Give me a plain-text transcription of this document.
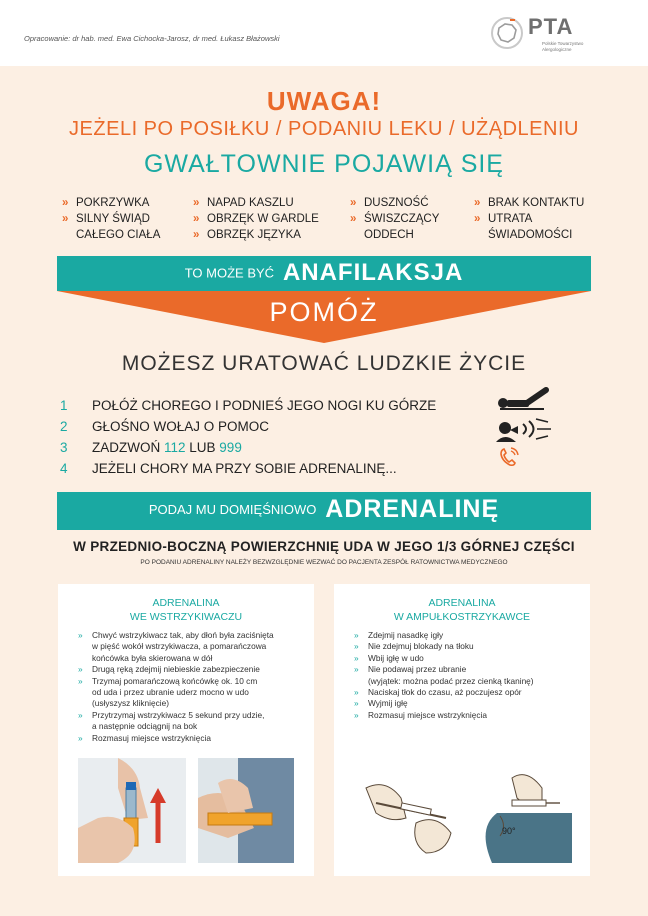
Opracowanie: dr hab. med. Ewa Cichocka-Jarosz, dr med. Łukasz Błażowski	PTA
Polskie Towarzystwo
Alergologiczne
UWAGA!
JEŻELI PO POSIŁKU / PODANIU LEKU / UŻĄDLENIU
GWAŁTOWNIE POJAWIĄ SIĘ
» POKRZYWKA
» SILNY ŚWIĄD
CAŁEGO CIAŁA
» NAPAD KASZLU
» OBRZĘK W GARDLE
» OBRZĘK JĘZYKA
» DUSZNOŚĆ
» ŚWISZCZĄCY
ODDECH
» BRAK KONTAKTU
» UTRATA
ŚWIADOMOŚCI
TO MOŻE BYĆ ANAFILAKSJA
POMÓŻ
MOŻESZ URATOWAĆ LUDZKIE ŻYCIE
1 POŁÓŻ CHOREGO I PODNIEŚ JEGO NOGI KU GÓRZE
2 GŁOŚNO WOŁAJ O POMOC
3 ZADZWOŃ 112 LUB 999
4 JEŻELI CHORY MA PRZY SOBIE ADRENALINĘ...
PODAJ MU DOMIĘŚNIOWO ADRENALINĘ
W PRZEDNIO-BOCZNĄ POWIERZCHNIĘ UDA W JEGO 1/3 GÓRNEJ CZĘŚCI
PO PODANIU ADRENALINY NALEŻY BEZWZGLĘDNIE WEZWAĆ DO PACJENTA ZESPÓŁ RATOWNICTWA MEDYCZNEGO
ADRENALINA
WE WSTRZYKIWACZU
» Chwyć wstrzykiwacz tak, aby dłoń była zaciśnięta
w pięść wokół wstrzykiwacza, a pomarańczowa
końcówka była skierowana w dół
» Drugą ręką zdejmij niebieskie zabezpieczenie
» Trzymaj pomarańczową końcówkę ok. 10 cm
od uda i przez ubranie uderz mocno w udo
(usłyszysz kliknięcie)
» Przytrzymaj wstrzykiwacz 5 sekund przy udzie,
a następnie odciągnij na bok
» Rozmasuj miejsce wstrzyknięcia
ADRENALINA
W AMPUŁKOSTRZYKAWCE
» Zdejmij nasadkę igły
» Nie zdejmuj blokady na tłoku
» Wbij igłę w udo
» Nie podawaj przez ubranie
(wyjątek: można podać przez cienką tkaninę)
» Naciskaj tłok do czasu, aż poczujesz opór
» Wyjmij igłę
» Rozmasuj miejsce wstrzyknięcia
90°
